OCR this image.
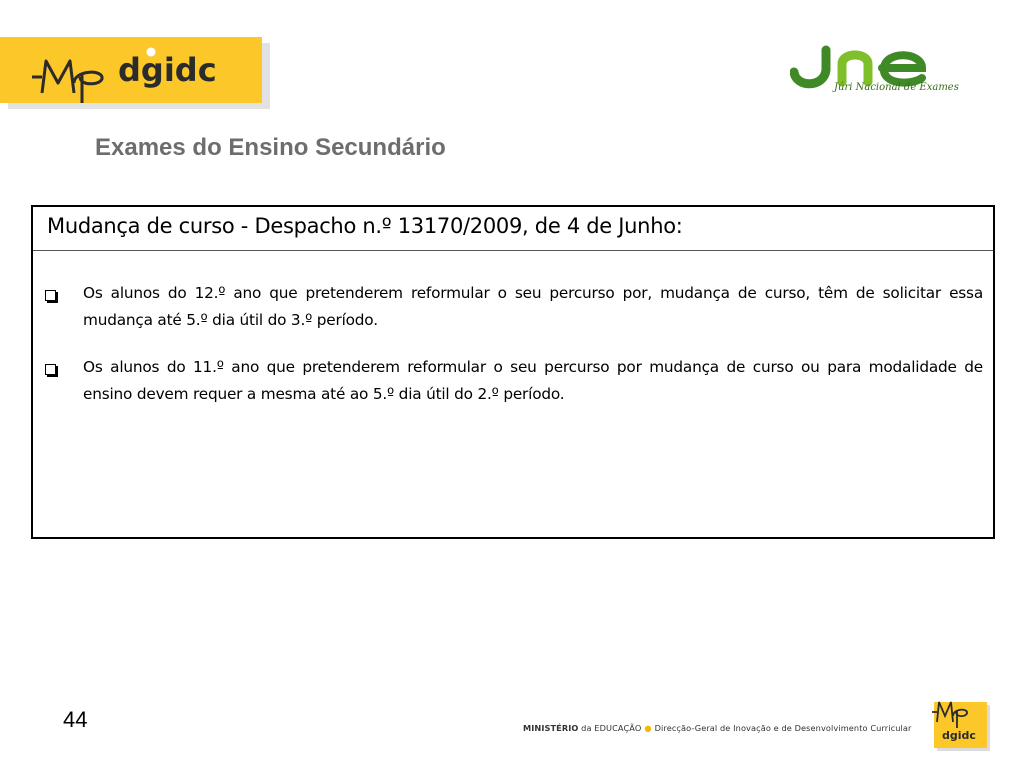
dgidc	Júri Nacional de Exames
Exames do Ensino Secundário
Mudança de curso - Despacho n.º 13170/2009, de 4 de Junho:
Os alunos do 12.º ano que pretenderem reformular o seu percurso por, mudança de curso, têm de solicitar essa mudança até 5.º dia útil do 3.º período.
Os alunos do 11.º ano que pretenderem reformular o seu percurso por mudança de curso ou para modalidade de ensino devem requer a mesma até ao 5.º dia útil do 2.º período.
44	MINISTÉRIO da EDUCAÇÃO ● Direcção-Geral de Inovação e de Desenvolvimento Curricular
dgidc
